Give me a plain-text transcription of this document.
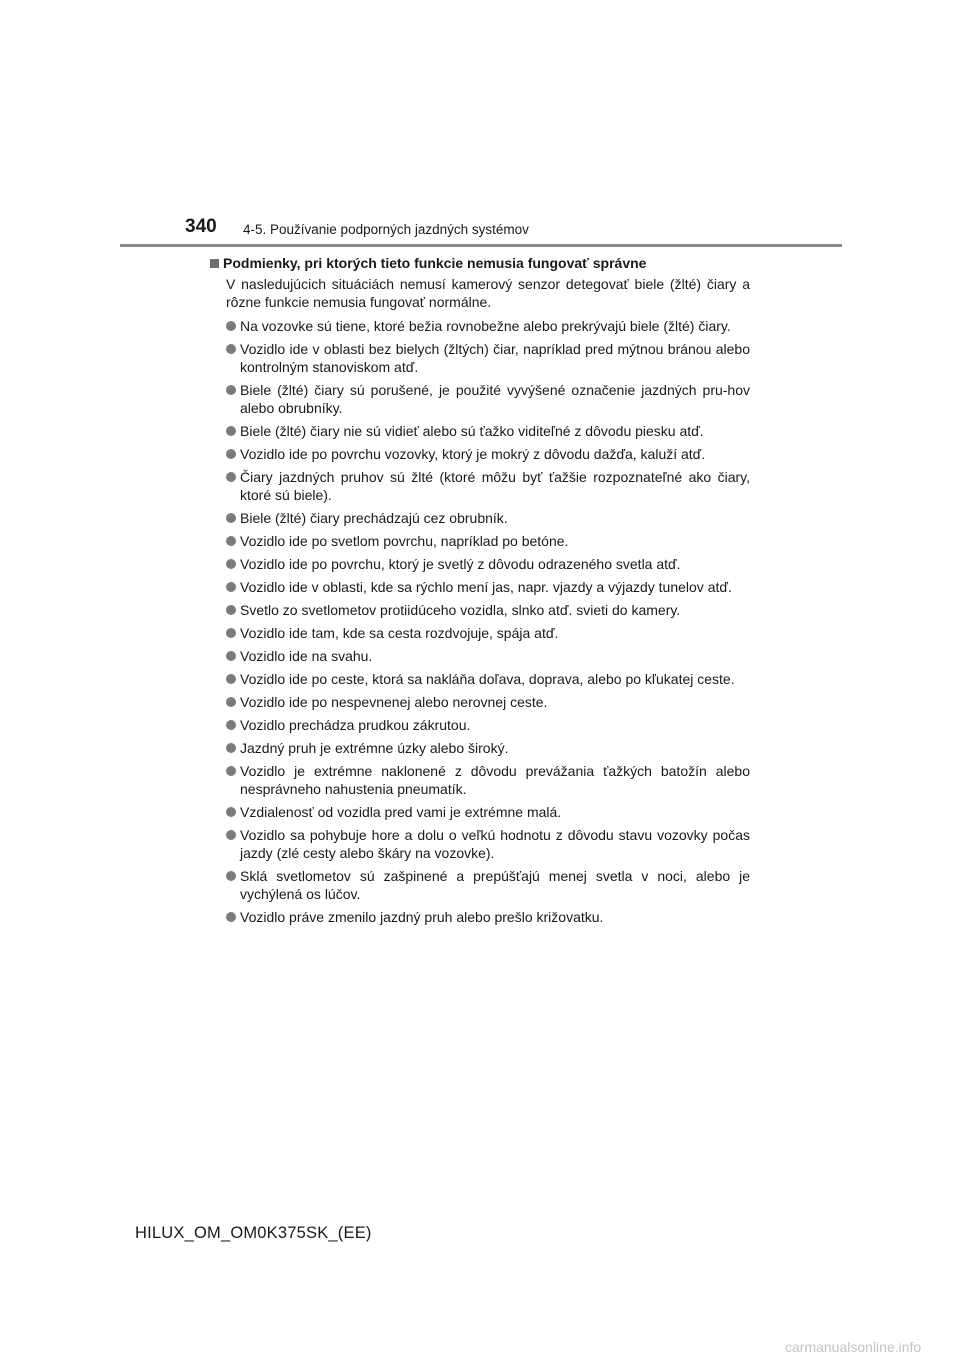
340 4-5. Používanie podporných jazdných systémov
Podmienky, pri ktorých tieto funkcie nemusia fungovať správne

V nasledujúcich situáciách nemusí kamerový senzor detegovať biele (žlté) čiary a rôzne funkcie nemusia fungovať normálne.

Na vozovke sú tiene, ktoré bežia rovnobežne alebo prekrývajú biele (žlté) čiary.
Vozidlo ide v oblasti bez bielych (žltých) čiar, napríklad pred mýtnou bránou alebo kontrolným stanoviskom atď.
Biele (žlté) čiary sú porušené, je použité vyvýšené označenie jazdných pru-hov alebo obrubníky.
Biele (žlté) čiary nie sú vidieť alebo sú ťažko viditeľné z dôvodu piesku atď.
Vozidlo ide po povrchu vozovky, ktorý je mokrý z dôvodu dažďa, kaluží atď.
Čiary jazdných pruhov sú žlté (ktoré môžu byť ťažšie rozpoznateľné ako čiary, ktoré sú biele).
Biele (žlté) čiary prechádzajú cez obrubník.
Vozidlo ide po svetlom povrchu, napríklad po betóne.
Vozidlo ide po povrchu, ktorý je svetlý z dôvodu odrazeného svetla atď.
Vozidlo ide v oblasti, kde sa rýchlo mení jas, napr. vjazdy a výjazdy tunelov atď.
Svetlo zo svetlometov protiidúceho vozidla, slnko atď. svieti do kamery.
Vozidlo ide tam, kde sa cesta rozdvojuje, spája atď.
Vozidlo ide na svahu.
Vozidlo ide po ceste, ktorá sa nakláňa doľava, doprava, alebo po kľukatej ceste.
Vozidlo ide po nespevnenej alebo nerovnej ceste.
Vozidlo prechádza prudkou zákrutou.
Jazdný pruh je extrémne úzky alebo široký.
Vozidlo je extrémne naklonené z dôvodu prevážania ťažkých batožín alebo nesprávneho nahustenia pneumatík.
Vzdialenosť od vozidla pred vami je extrémne malá.
Vozidlo sa pohybuje hore a dolu o veľkú hodnotu z dôvodu stavu vozovky počas jazdy (zlé cesty alebo škáry na vozovke).
Sklá svetlometov sú zašpinené a prepúšťajú menej svetla v noci, alebo je vychýlená os lúčov.
Vozidlo práve zmenilo jazdný pruh alebo prešlo križovatku.
HILUX_OM_OM0K375SK_(EE)
carmanualsonline.info
